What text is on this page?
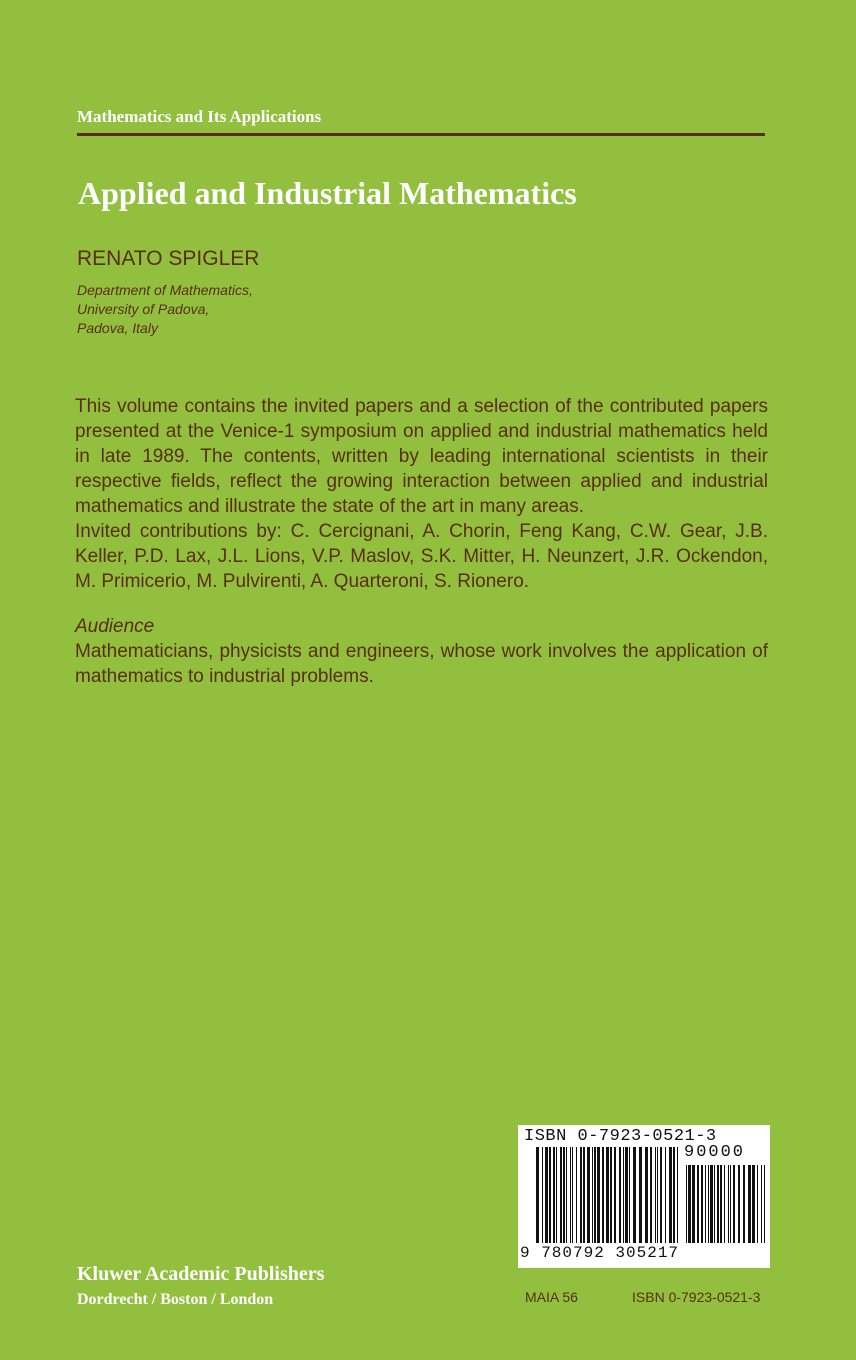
Mathematics and Its Applications
Applied and Industrial Mathematics
RENATO SPIGLER
Department of Mathematics,
University of Padova,
Padova, Italy

This volume contains the invited papers and a selection of the contributed papers presented at the Venice-1 symposium on applied and industrial mathematics held in late 1989. The contents, written by leading international scientists in their respective fields, reflect the growing interaction between applied and industrial mathematics and illustrate the state of the art in many areas.

Invited contributions by: C. Cercignani, A. Chorin, Feng Kang, C.W. Gear, J.B. Keller, P.D. Lax, J.L. Lions, V.P. Maslov, S.K. Mitter, H. Neunzert, J.R. Ockendon, M. Primicerio, M. Pulvirenti, A. Quarteroni, S. Rionero.

Audience

Mathematicians, physicists and engineers, whose work involves the application of mathematics to industrial problems.

ISBN 0-7923-0521-3
90000
9 780792 305217
Kluwer Academic Publishers
Dordrecht / Boston / London	MAIA 56	ISBN 0-7923-0521-3
